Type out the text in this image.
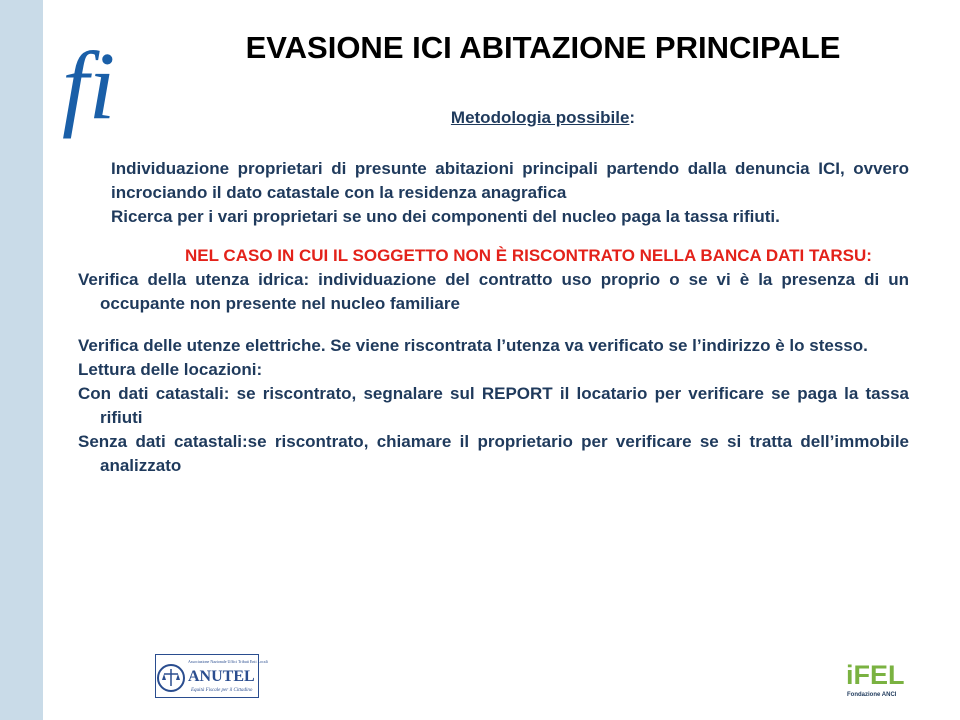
fi	EVASIONE ICI ABITAZIONE PRINCIPALE
Metodologia possibile:

Individuazione proprietari di presunte abitazioni principali partendo dalla denuncia ICI, ovvero incrociando il dato catastale con la residenza anagrafica

Ricerca per i vari proprietari se uno dei componenti del nucleo paga la tassa rifiuti.

NEL CASO IN CUI IL SOGGETTO NON È RISCONTRATO NELLA BANCA DATI TARSU:

Verifica della utenza idrica: individuazione del contratto uso proprio o se vi è la presenza di un occupante non presente nel nucleo familiare

Verifica delle utenze elettriche. Se viene riscontrata l’utenza va verificato se l’indirizzo è lo stesso.

Lettura delle locazioni:

Con dati catastali: se riscontrato, segnalare sul REPORT il locatario per verificare se paga la tassa rifiuti

Senza dati catastali:se riscontrato, chiamare il proprietario per verificare se si tratta dell’immobile analizzato

Associazione Nazionale Uffici Tributi Enti Locali
ANUTEL
Equità Fiscale per il Cittadino
iFEL
Fondazione ANCI
